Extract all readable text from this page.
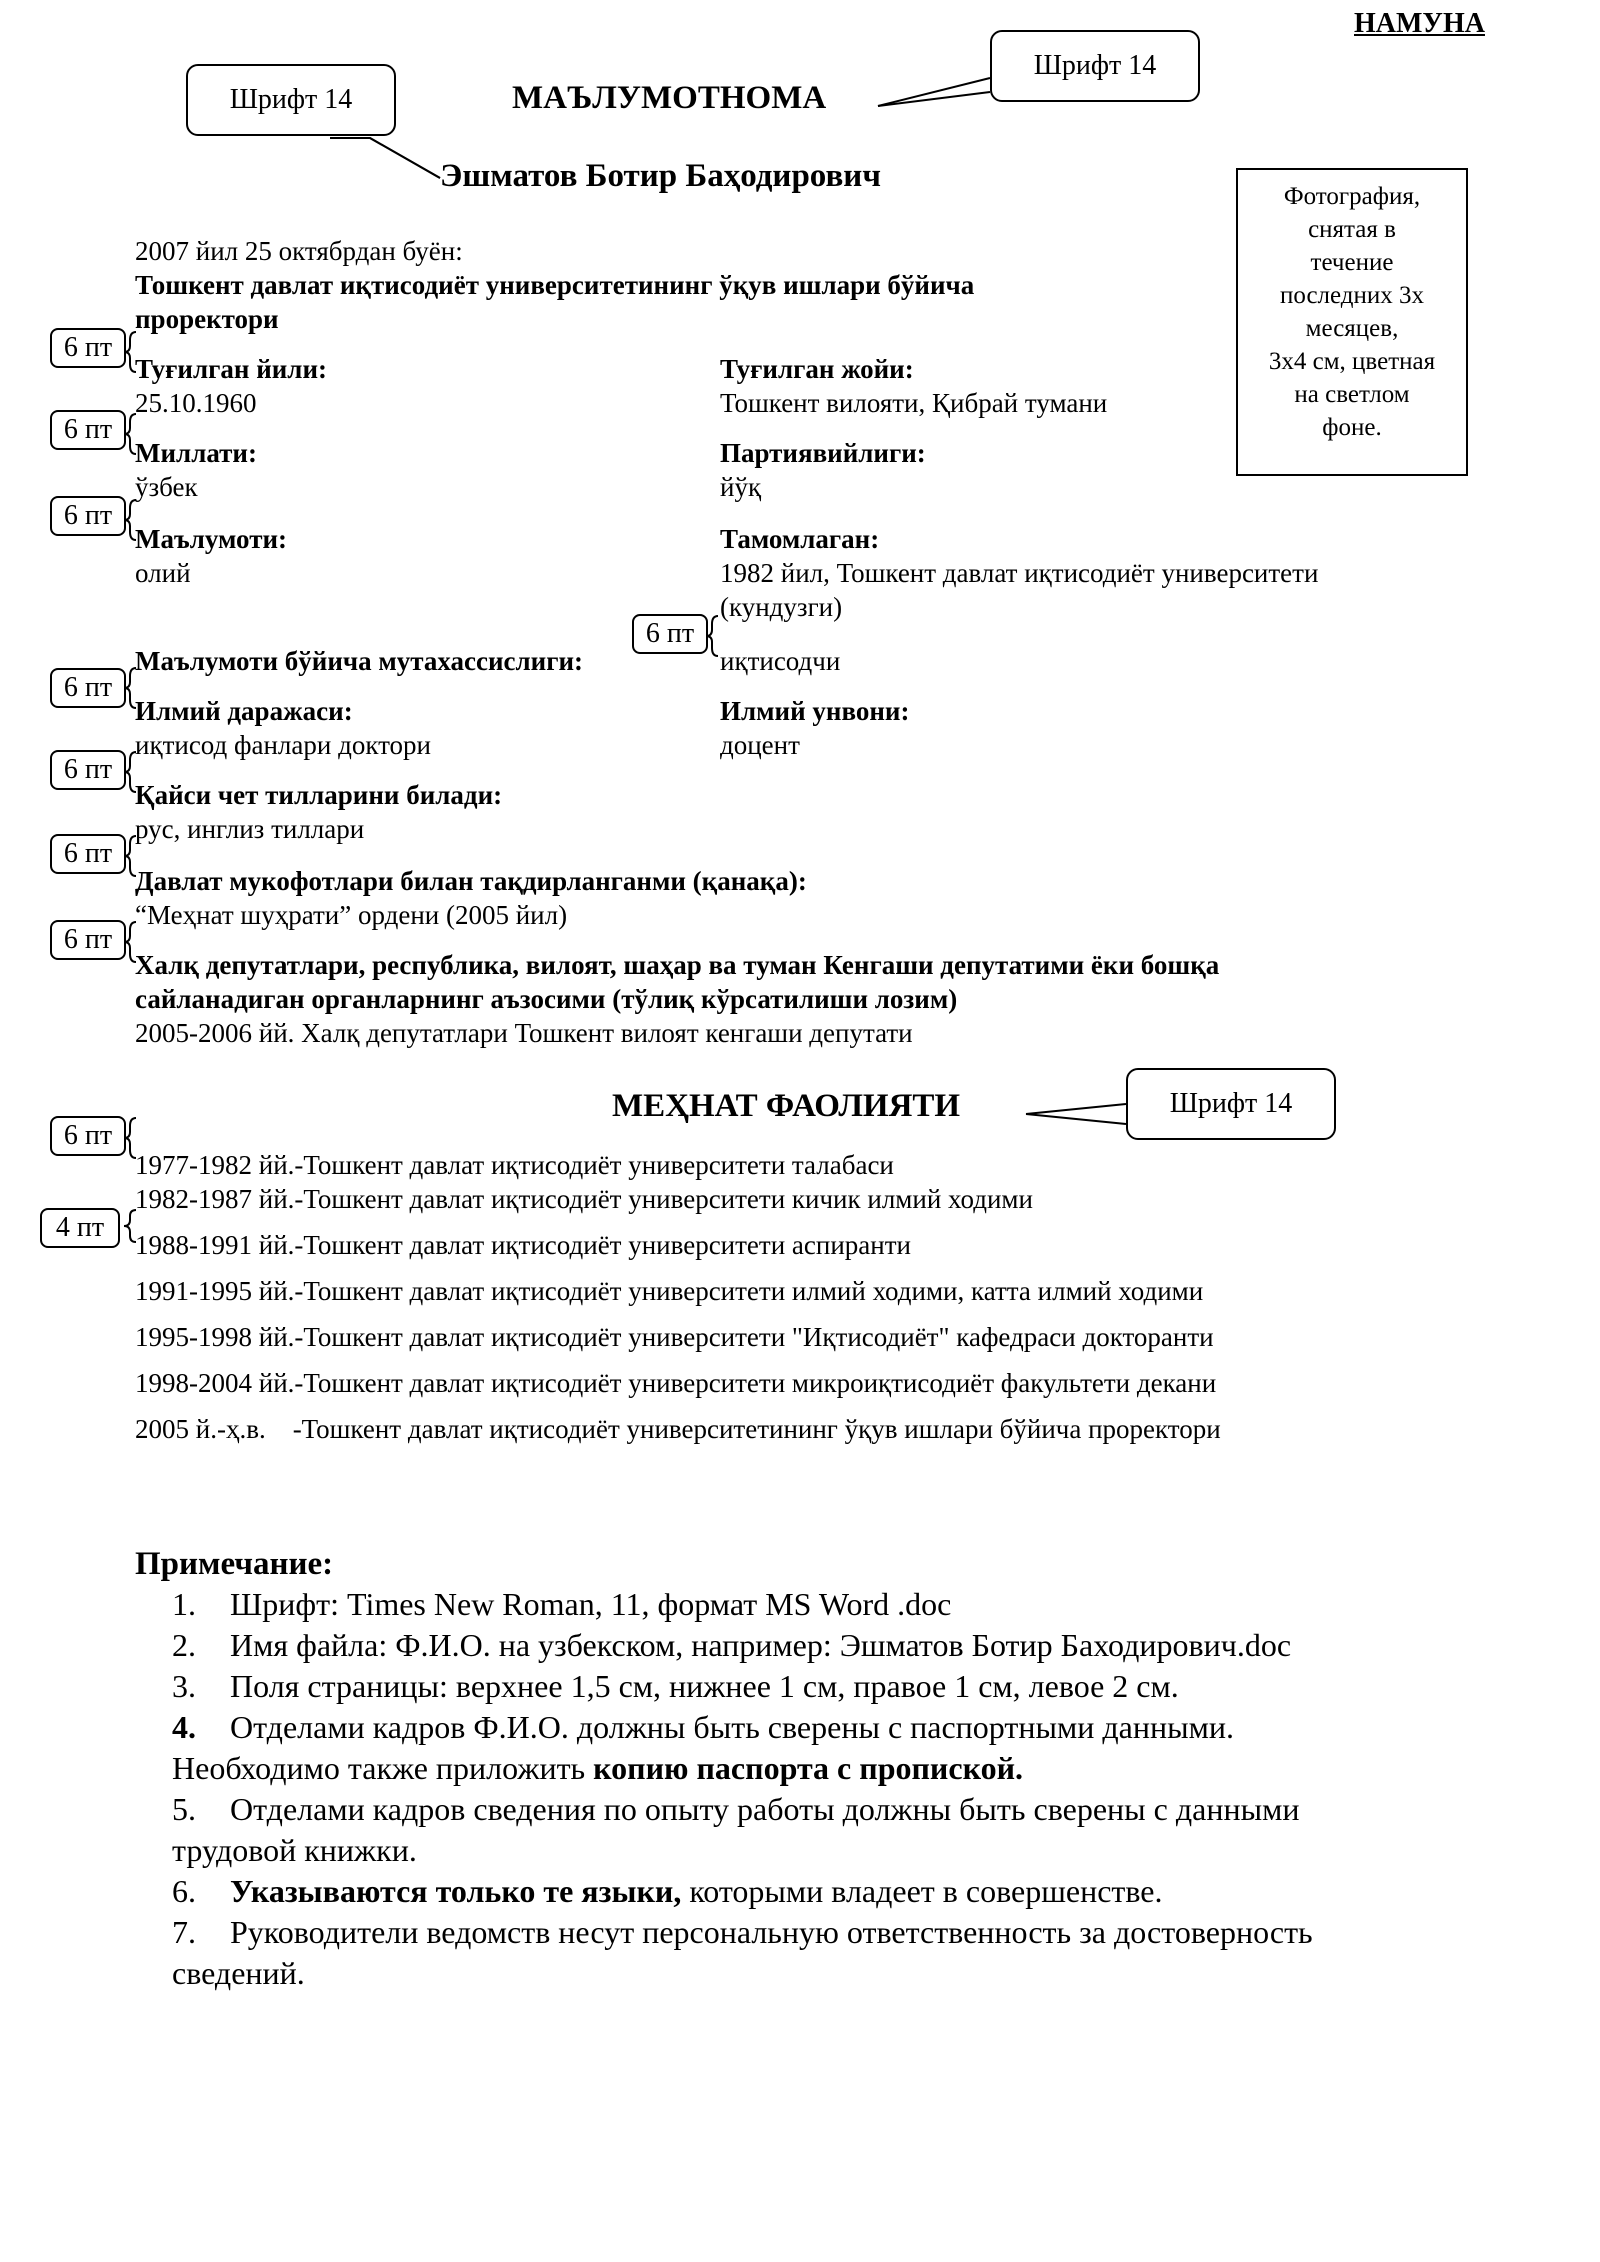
НАМУНА
Шрифт 14
Шрифт 14
МАЪЛУМОТНОМА
Эшматов Ботир Баҳодирович
Фотография,
снятая в
течение
последних 3х
месяцев,
3х4 см, цветная
на светлом
фоне.
2007 йил 25 октябрдан буён:
Тошкент давлат иқтисодиёт университетининг ўқув ишлари бўйича
проректори
6 пт
6 пт
6 пт
6 пт
6 пт
6 пт
6 пт
6 пт
6 пт
4 пт
Туғилган йили:
25.10.1960
Туғилган жойи:
Тошкент вилояти, Қибрай тумани
Миллати:
ўзбек
Партиявийлиги:
йўқ
Маълумоти:
олий
Тамомлаган:
1982 йил, Тошкент давлат иқтисодиёт университети
(кундузги)
Маълумоти бўйича мутахассислиги:	иқтисодчи
Илмий даражаси:
иқтисод фанлари доктори
Илмий унвони:
доцент
Қайси чет тилларини билади:
рус, инглиз тиллари
Давлат мукофотлари билан тақдирланганми (қанақа):
“Меҳнат шуҳрати” ордени (2005 йил)
Халқ депутатлари, республика, вилоят, шаҳар ва туман Кенгаши депутатими ёки бошқа
сайланадиган органларнинг аъзосими (тўлиқ кўрсатилиши лозим)
2005-2006 йй. Халқ депутатлари Тошкент вилоят кенгаши депутати
МЕҲНАТ ФАОЛИЯТИ	Шрифт 14
1977-1982 йй.-Тошкент давлат иқтисодиёт университети талабаси
1982-1987 йй.-Тошкент давлат иқтисодиёт университети кичик илмий ходими
1988-1991 йй.-Тошкент давлат иқтисодиёт университети аспиранти
1991-1995 йй.-Тошкент давлат иқтисодиёт университети илмий ходими, катта илмий ходими
1995-1998 йй.-Тошкент давлат иқтисодиёт университети "Иқтисодиёт" кафедраси докторанти
1998-2004 йй.-Тошкент давлат иқтисодиёт университети микроиқтисодиёт факультети декани
2005 й.-ҳ.в.    -Тошкент давлат иқтисодиёт университетининг ўқув ишлари бўйича проректори
Примечание:
1. Шрифт: Times New Roman, 11, формат MS Word .doc
2. Имя файла: Ф.И.О. на узбекском, например: Эшматов Ботир Баходирович.doc
3. Поля страницы: верхнее 1,5 см, нижнее 1 см, правое 1 см, левое 2 см.
4. Отделами кадров Ф.И.О. должны быть сверены с паспортными данными.
Необходимо также приложить копию паспорта с пропиской.
5. Отделами кадров сведения по опыту работы должны быть сверены с данными
трудовой книжки.
6. Указываются только те языки, которыми владеет в совершенстве.
7. Руководители ведомств несут персональную ответственность за достоверность
сведений.
